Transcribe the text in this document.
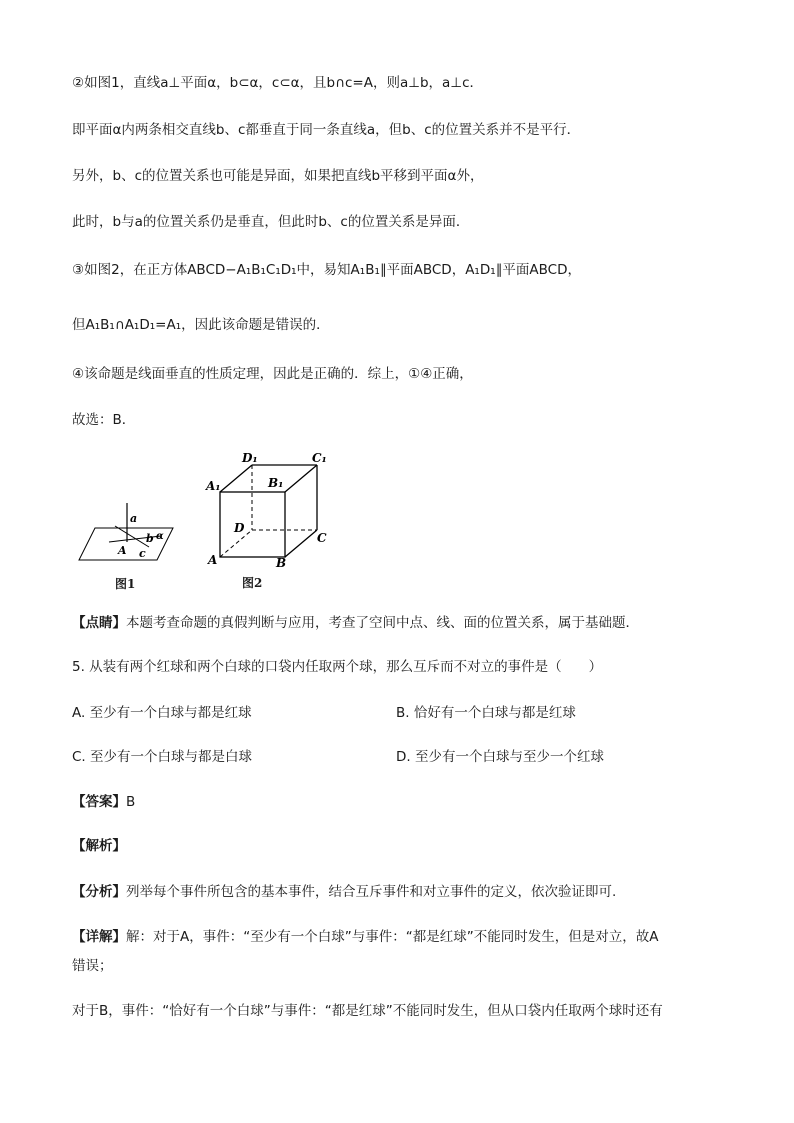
②如图1，直线a⊥平面α，b⊂α，c⊂α，且b∩c=A，则a⊥b，a⊥c．
即平面α内两条相交直线b、c都垂直于同一条直线a，但b、c的位置关系并不是平行．
另外，b、c的位置关系也可能是异面，如果把直线b平移到平面α外，
此时，b与a的位置关系仍是垂直，但此时b、c的位置关系是异面．
③如图2，在正方体ABCD−A₁B₁C₁D₁中，易知A₁B₁∥平面ABCD，A₁D₁∥平面ABCD，
但A₁B₁∩A₁D₁=A₁，因此该命题是错误的．
④该命题是线面垂直的性质定理，因此是正确的．综上，①④正确，
故选：B．
a
b α
A c
图1
D₁	C₁
A₁	B₁
D
C
A	B
图2
【点睛】本题考查命题的真假判断与应用，考查了空间中点、线、面的位置关系，属于基础题．
5. 从装有两个红球和两个白球的口袋内任取两个球，那么互斥而不对立的事件是（　　）
A. 至少有一个白球与都是红球	B. 恰好有一个白球与都是红球
C. 至少有一个白球与都是白球	D. 至少有一个白球与至少一个红球
【答案】B
【解析】
【分析】列举每个事件所包含的基本事件，结合互斥事件和对立事件的定义，依次验证即可.
【详解】解：对于A，事件：“至少有一个白球”与事件：“都是红球”不能同时发生，但是对立，故A
错误；
对于B，事件：“恰好有一个白球”与事件：“都是红球”不能同时发生，但从口袋内任取两个球时还有
